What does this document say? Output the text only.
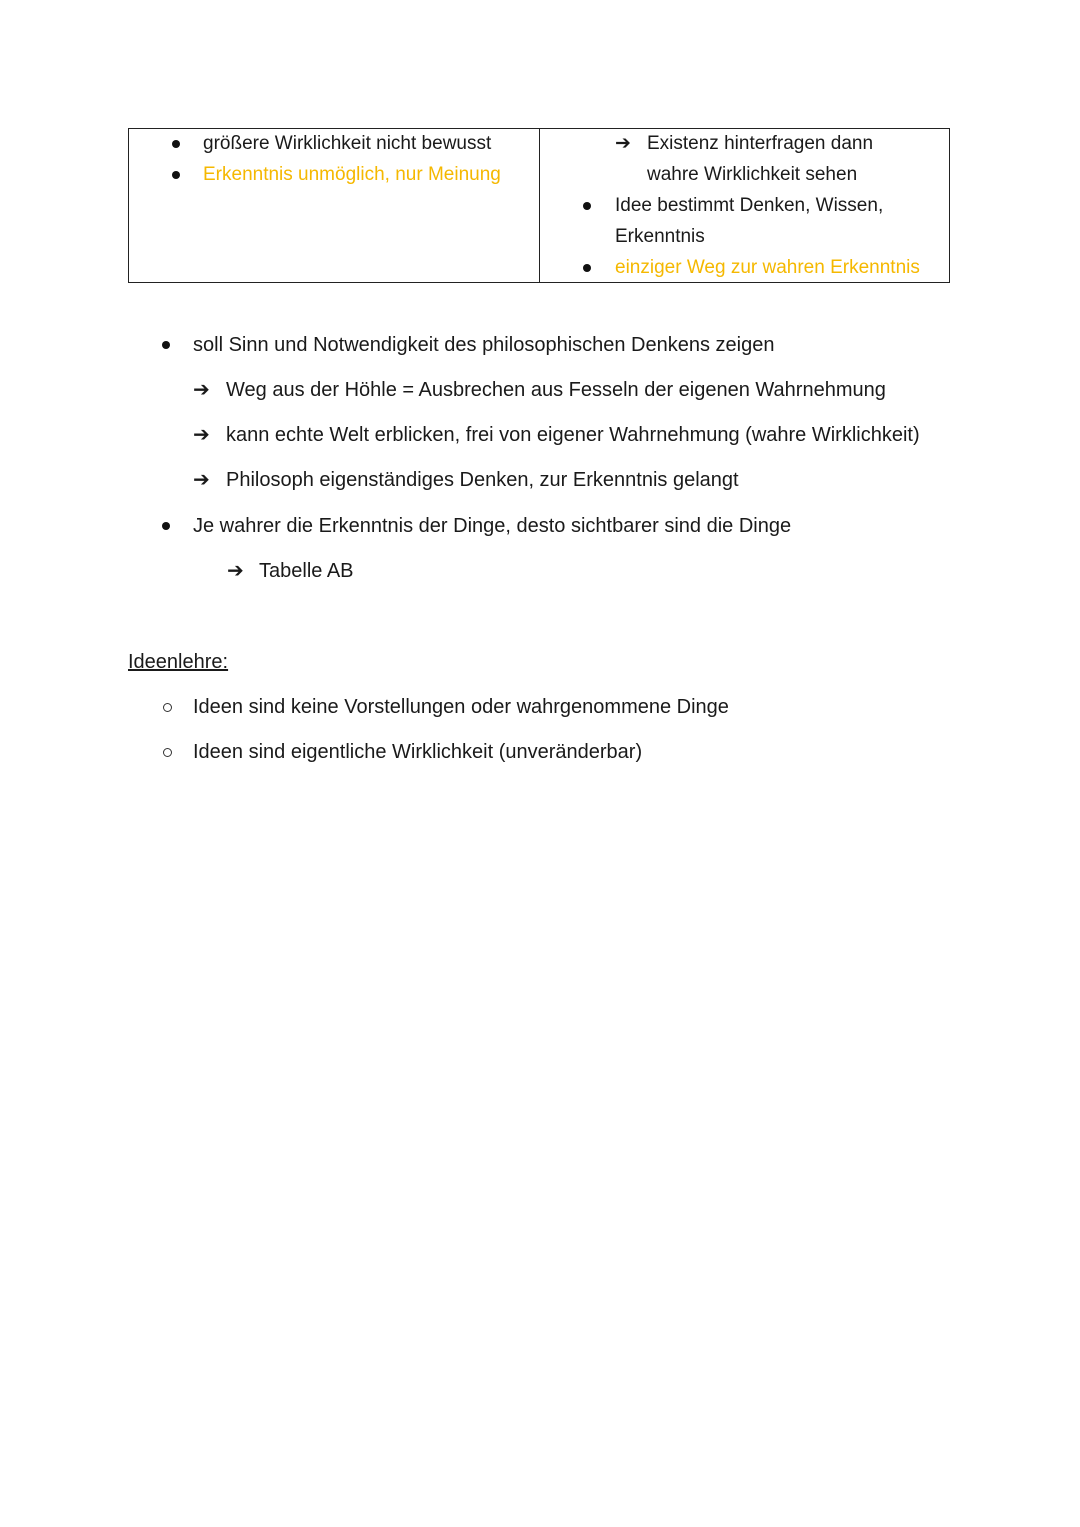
größere Wirklichkeit nicht bewusst
Erkenntnis unmöglich, nur Meinung
➔ Existenz hinterfragen dann
wahre Wirklichkeit sehen
Idee bestimmt Denken, Wissen,
Erkenntnis
einziger Weg zur wahren Erkenntnis
soll Sinn und Notwendigkeit des philosophischen Denkens zeigen
➔ Weg aus der Höhle = Ausbrechen aus Fesseln der eigenen Wahrnehmung
➔ kann echte Welt erblicken, frei von eigener Wahrnehmung (wahre Wirklichkeit)
➔ Philosoph eigenständiges Denken, zur Erkenntnis gelangt
Je wahrer die Erkenntnis der Dinge, desto sichtbarer sind die Dinge
➔ Tabelle AB
Ideenlehre:
Ideen sind keine Vorstellungen oder wahrgenommene Dinge
Ideen sind eigentliche Wirklichkeit (unveränderbar)
